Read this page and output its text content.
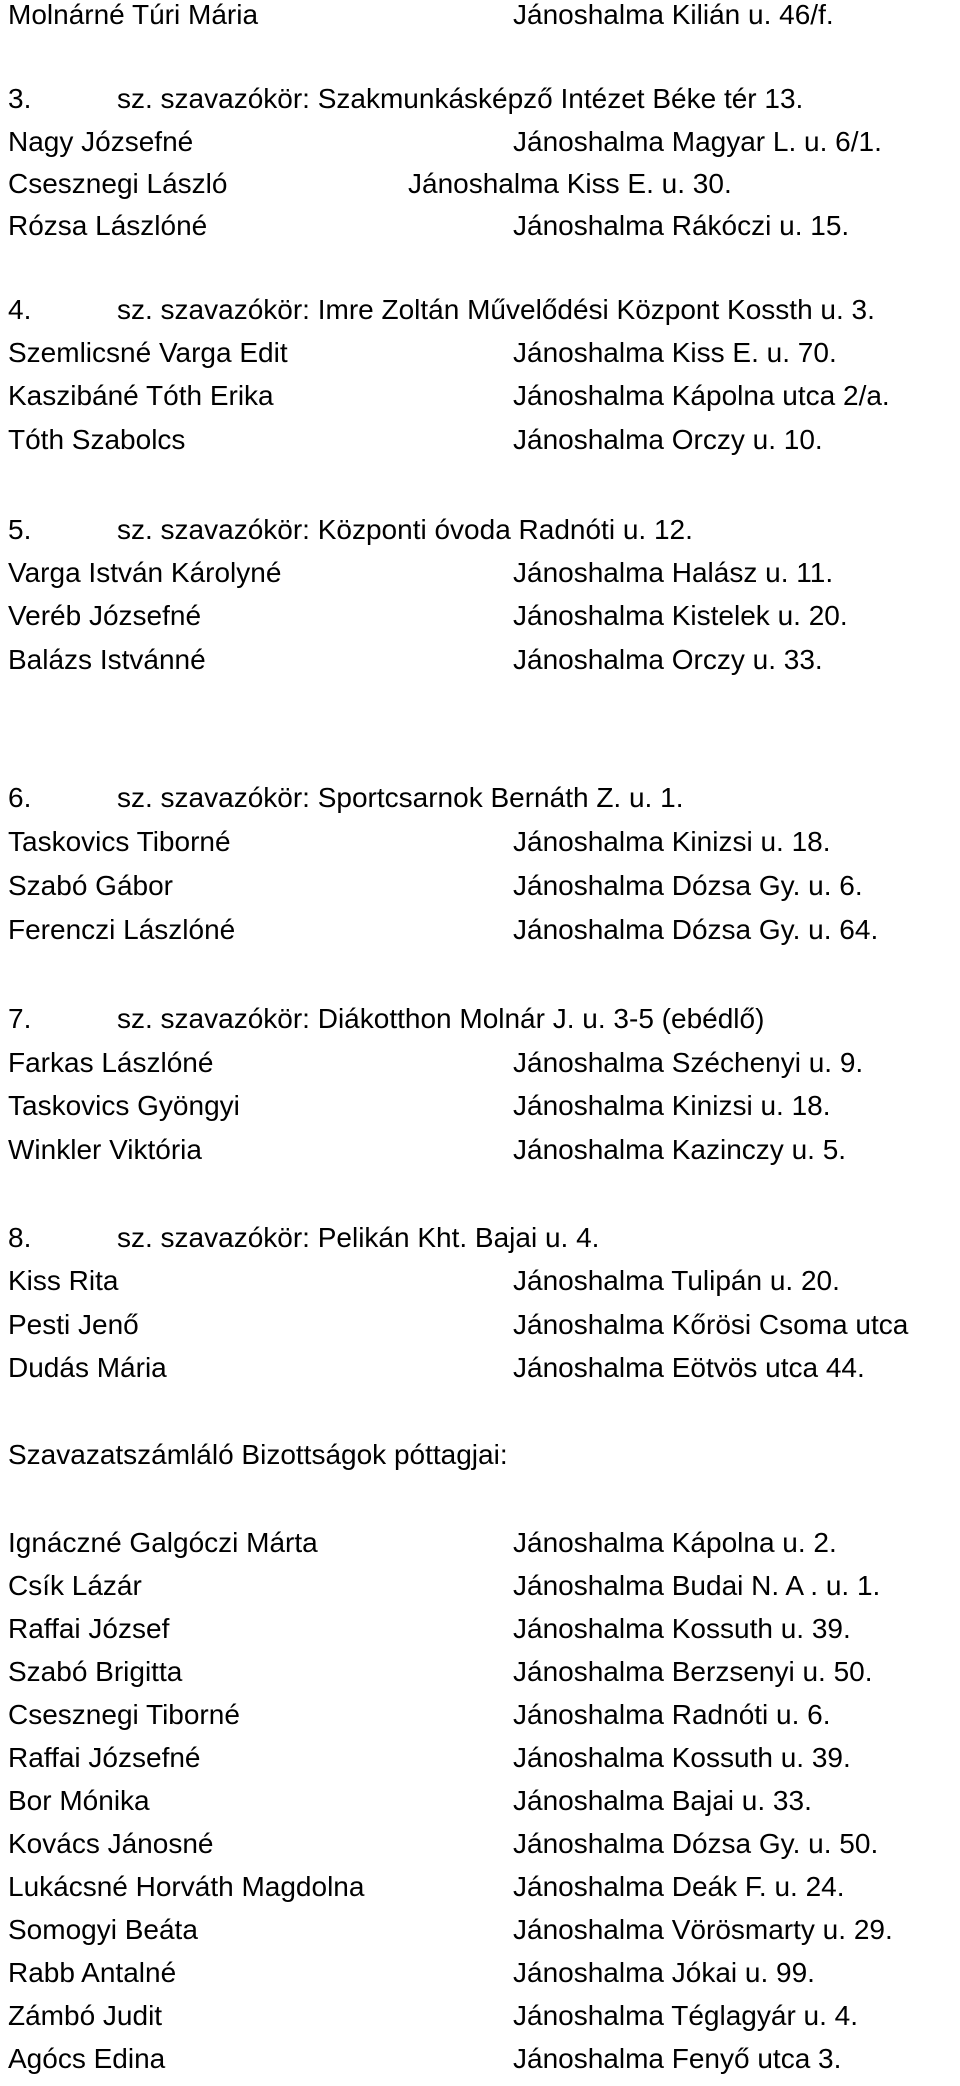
Molnárné Túri Mária	Jánoshalma Kilián u. 46/f.
3.	sz. szavazókör: Szakmunkásképző Intézet Béke tér 13.
Nagy Józsefné	Jánoshalma Magyar L. u. 6/1.
Csesznegi László	Jánoshalma Kiss E. u. 30.
Rózsa Lászlóné	Jánoshalma Rákóczi u. 15.
4.	sz. szavazókör: Imre Zoltán Művelődési Központ Kossth u. 3.
Szemlicsné Varga Edit	Jánoshalma Kiss E. u. 70.
Kaszibáné Tóth Erika	Jánoshalma Kápolna utca 2/a.
Tóth Szabolcs	Jánoshalma Orczy u. 10.
5.	sz. szavazókör: Központi óvoda Radnóti u. 12.
Varga István Károlyné	Jánoshalma Halász u. 11.
Veréb Józsefné	Jánoshalma Kistelek u. 20.
Balázs Istvánné	Jánoshalma Orczy u. 33.
6.	sz. szavazókör: Sportcsarnok Bernáth Z. u. 1.
Taskovics Tiborné	Jánoshalma Kinizsi u. 18.
Szabó Gábor	Jánoshalma Dózsa Gy. u. 6.
Ferenczi Lászlóné	Jánoshalma Dózsa Gy. u. 64.
7.	sz. szavazókör: Diákotthon Molnár J. u. 3-5 (ebédlő)
Farkas Lászlóné	Jánoshalma Széchenyi u. 9.
Taskovics Gyöngyi	Jánoshalma Kinizsi u. 18.
Winkler Viktória	Jánoshalma Kazinczy u. 5.
8.	sz. szavazókör: Pelikán Kht. Bajai u. 4.
Kiss Rita	Jánoshalma Tulipán u. 20.
Pesti Jenő	Jánoshalma Kőrösi Csoma utca
Dudás Mária	Jánoshalma Eötvös utca 44.
Szavazatszámláló Bizottságok póttagjai:
Ignáczné Galgóczi Márta	Jánoshalma Kápolna u. 2.
Csík Lázár	Jánoshalma Budai N. A . u. 1.
Raffai József	Jánoshalma Kossuth u. 39.
Szabó Brigitta	Jánoshalma Berzsenyi u. 50.
Csesznegi Tiborné	Jánoshalma Radnóti u. 6.
Raffai Józsefné	Jánoshalma Kossuth u. 39.
Bor Mónika	Jánoshalma Bajai u. 33.
Kovács Jánosné	Jánoshalma Dózsa Gy. u. 50.
Lukácsné Horváth Magdolna	Jánoshalma Deák F. u. 24.
Somogyi Beáta	Jánoshalma Vörösmarty u. 29.
Rabb Antalné	Jánoshalma Jókai u. 99.
Zámbó Judit	Jánoshalma Téglagyár u. 4.
Agócs Edina	Jánoshalma Fenyő utca 3.
